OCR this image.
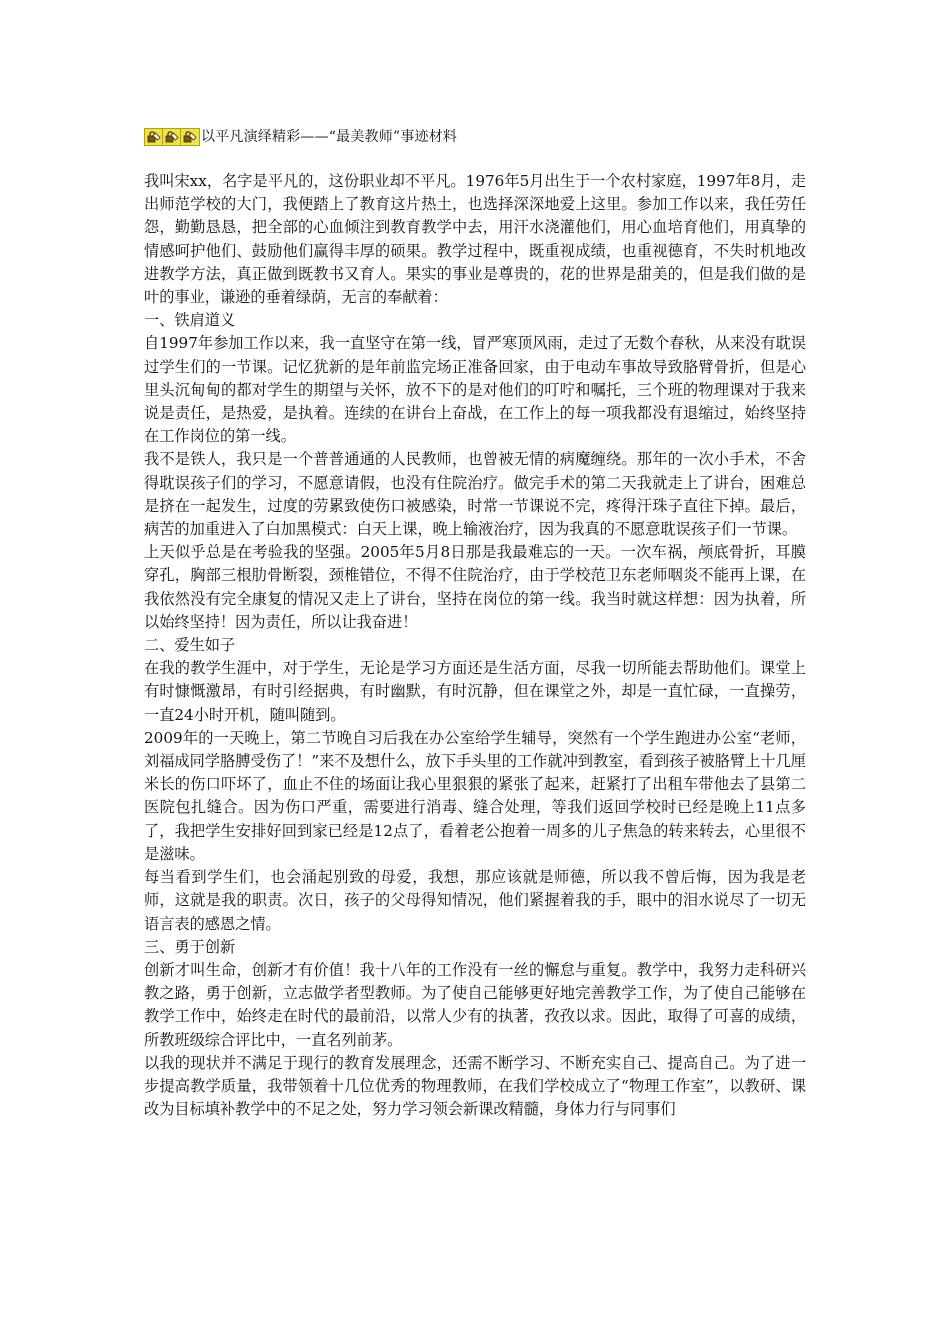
以平凡演绎精彩——“最美教师”事迹材料

我叫宋xx，名字是平凡的，这份职业却不平凡。1976年5月出生于一个农村家庭，1997年8月，走出师范学校的大门，我便踏上了教育这片热土，也选择深深地爱上这里。参加工作以来，我任劳任怨，勤勤恳恳，把全部的心血倾注到教育教学中去，用汗水浇灌他们，用心血培育他们，用真挚的情感呵护他们、鼓励他们赢得丰厚的硕果。教学过程中，既重视成绩，也重视德育，不失时机地改进教学方法，真正做到既教书又育人。果实的事业是尊贵的，花的世界是甜美的，但是我们做的是叶的事业，谦逊的垂着绿荫，无言的奉献着：

一、铁肩道义

自1997年参加工作以来，我一直坚守在第一线，冒严寒顶风雨，走过了无数个春秋，从来没有耽误过学生们的一节课。记忆犹新的是年前监完场正准备回家，由于电动车事故导致胳臂骨折，但是心里头沉甸甸的都对学生的期望与关怀，放不下的是对他们的叮咛和嘱托，三个班的物理课对于我来说是责任，是热爱，是执着。连续的在讲台上奋战，在工作上的每一项我都没有退缩过，始终坚持在工作岗位的第一线。

我不是铁人，我只是一个普普通通的人民教师，也曾被无情的病魔缠绕。那年的一次小手术，不舍得耽误孩子们的学习，不愿意请假，也没有住院治疗。做完手术的第二天我就走上了讲台，困难总是挤在一起发生，过度的劳累致使伤口被感染，时常一节课说不完，疼得汗珠子直往下掉。最后，病苦的加重进入了白加黑模式：白天上课，晚上输液治疗，因为我真的不愿意耽误孩子们一节课。

上天似乎总是在考验我的坚强。2005年5月8日那是我最难忘的一天。一次车祸，颅底骨折，耳膜穿孔，胸部三根肋骨断裂，颈椎错位，不得不住院治疗，由于学校范卫东老师咽炎不能再上课，在我依然没有完全康复的情况又走上了讲台，坚持在岗位的第一线。我当时就这样想：因为执着，所以始终坚持！因为责任，所以让我奋进！

二、爱生如子

在我的教学生涯中，对于学生，无论是学习方面还是生活方面，尽我一切所能去帮助他们。课堂上有时慷慨激昂，有时引经据典，有时幽默，有时沉静，但在课堂之外，却是一直忙碌，一直操劳，一直24小时开机，随叫随到。

2009年的一天晚上，第二节晚自习后我在办公室给学生辅导，突然有一个学生跑进办公室“老师，刘福成同学胳膊受伤了！”来不及想什么，放下手头里的工作就冲到教室，看到孩子被胳臂上十几厘米长的伤口吓坏了，血止不住的场面让我心里狠狠的紧张了起来，赶紧打了出租车带他去了县第二医院包扎缝合。因为伤口严重，需要进行消毒、缝合处理，等我们返回学校时已经是晚上11点多了，我把学生安排好回到家已经是12点了，看着老公抱着一周多的儿子焦急的转来转去，心里很不是滋味。

每当看到学生们，也会涌起别致的母爱，我想，那应该就是师德，所以我不曾后悔，因为我是老师，这就是我的职责。次日，孩子的父母得知情况，他们紧握着我的手，眼中的泪水说尽了一切无语言表的感恩之情。

三、勇于创新

创新才叫生命，创新才有价值！我十八年的工作没有一丝的懈怠与重复。教学中，我努力走科研兴教之路，勇于创新，立志做学者型教师。为了使自己能够更好地完善教学工作，为了使自己能够在教学工作中，始终走在时代的最前沿，以常人少有的执著，孜孜以求。因此，取得了可喜的成绩，所教班级综合评比中，一直名列前茅。

以我的现状并不满足于现行的教育发展理念，还需不断学习、不断充实自己、提高自己。为了进一步提高教学质量，我带领着十几位优秀的物理教师，在我们学校成立了“物理工作室”，以教研、课改为目标填补教学中的不足之处，努力学习领会新课改精髓，身体力行与同事们
